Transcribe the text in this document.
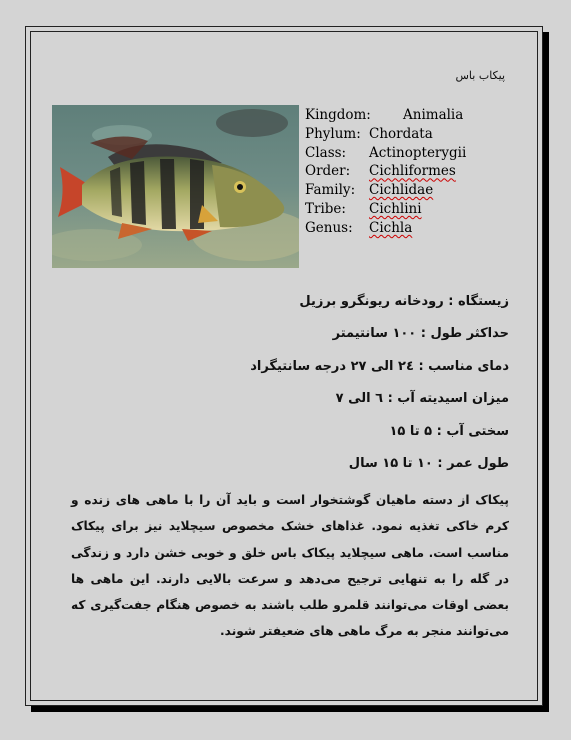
پیکاب باس
Kingdom: Animalia
Phylum: Chordata
Class: Actinopterygii
Order: Cichliformes
Family: Cichlidae
Tribe: Cichlini
Genus: Cichla
زیستگاه : رودخانه ریونگرو برزیل
حداکثر طول : ۱۰۰ سانتیمتر
دمای مناسب : ۲٤ الی ۲۷ درجه سانتیگراد
میزان اسیدیته آب : ٦ الی ۷
سختی آب : ۵ تا ۱۵
طول عمر : ۱۰ تا ۱۵ سال
پیکاک از دسته ماهیان گوشتخوار است و باید آن را با ماهی های زنده و کرم خاکی تغذیه نمود. غذاهای خشک مخصوص سیچلاید نیز برای پیکاک مناسب است. ماهی سیچلاید پیکاک باس خلق و خوبی خشن دارد و زندگی در گله را به تنهایی ترجیح می‌دهد و سرعت بالایی دارند. این ماهی ها بعضی اوقات می‌توانند قلمرو طلب باشند به خصوص هنگام جفت‌گیری که می‌توانند منجر به مرگ ماهی های ضعیفتر شوند.
